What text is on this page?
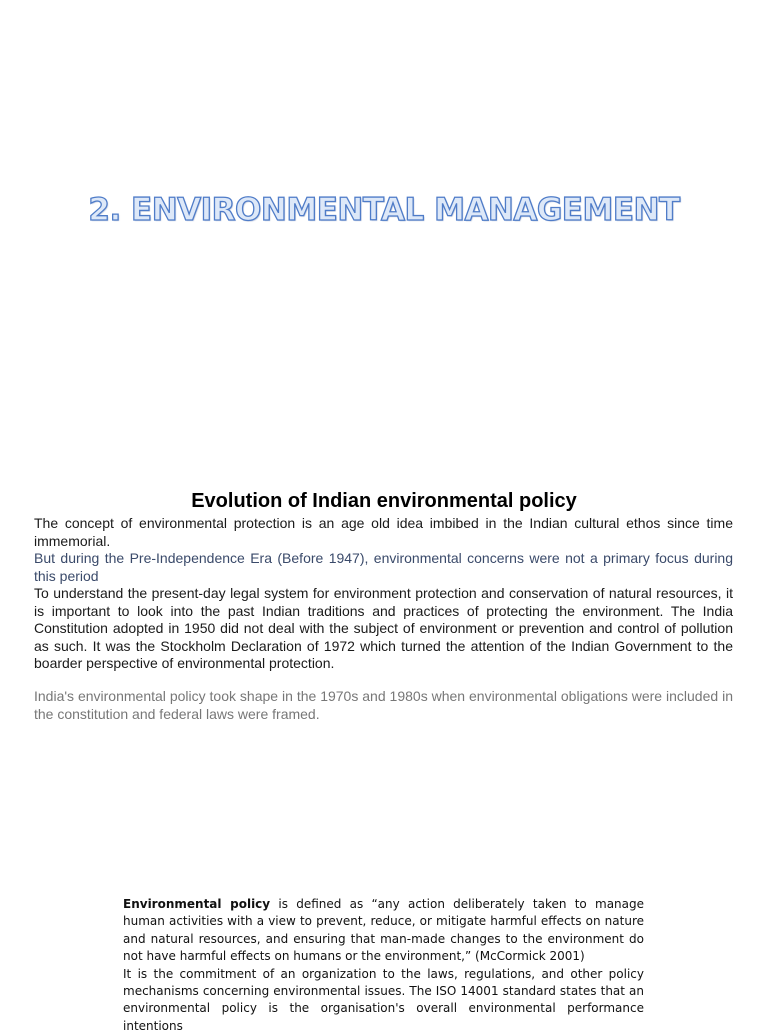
2. ENVIRONMENTAL MANAGEMENT
Evolution of Indian environmental policy

The concept of environmental protection is an age old idea imbibed in the Indian cultural ethos since time immemorial.

But during the Pre-Independence Era (Before 1947), environmental concerns were not a primary focus during this period

To understand the present-day legal system for environment protection and conservation of natural resources, it is important to look into the past Indian traditions and practices of protecting the environment. The India Constitution adopted in 1950 did not deal with the subject of environment or prevention and control of pollution as such. It was the Stockholm Declaration of 1972 which turned the attention of the Indian Government to the boarder perspective of environmental protection.

India's environmental policy took shape in the 1970s and 1980s when environmental obligations were included in the constitution and federal laws were framed.

Environmental policy is defined as “any action deliberately taken to manage human activities with a view to prevent, reduce, or mitigate harmful effects on nature and natural resources, and ensuring that man-made changes to the environment do not have harmful effects on humans or the environment,” (McCormick 2001)

It is the commitment of an organization to the laws, regulations, and other policy mechanisms concerning environmental issues. The ISO 14001 standard states that an environmental policy is the organisation's overall environmental performance intentions
